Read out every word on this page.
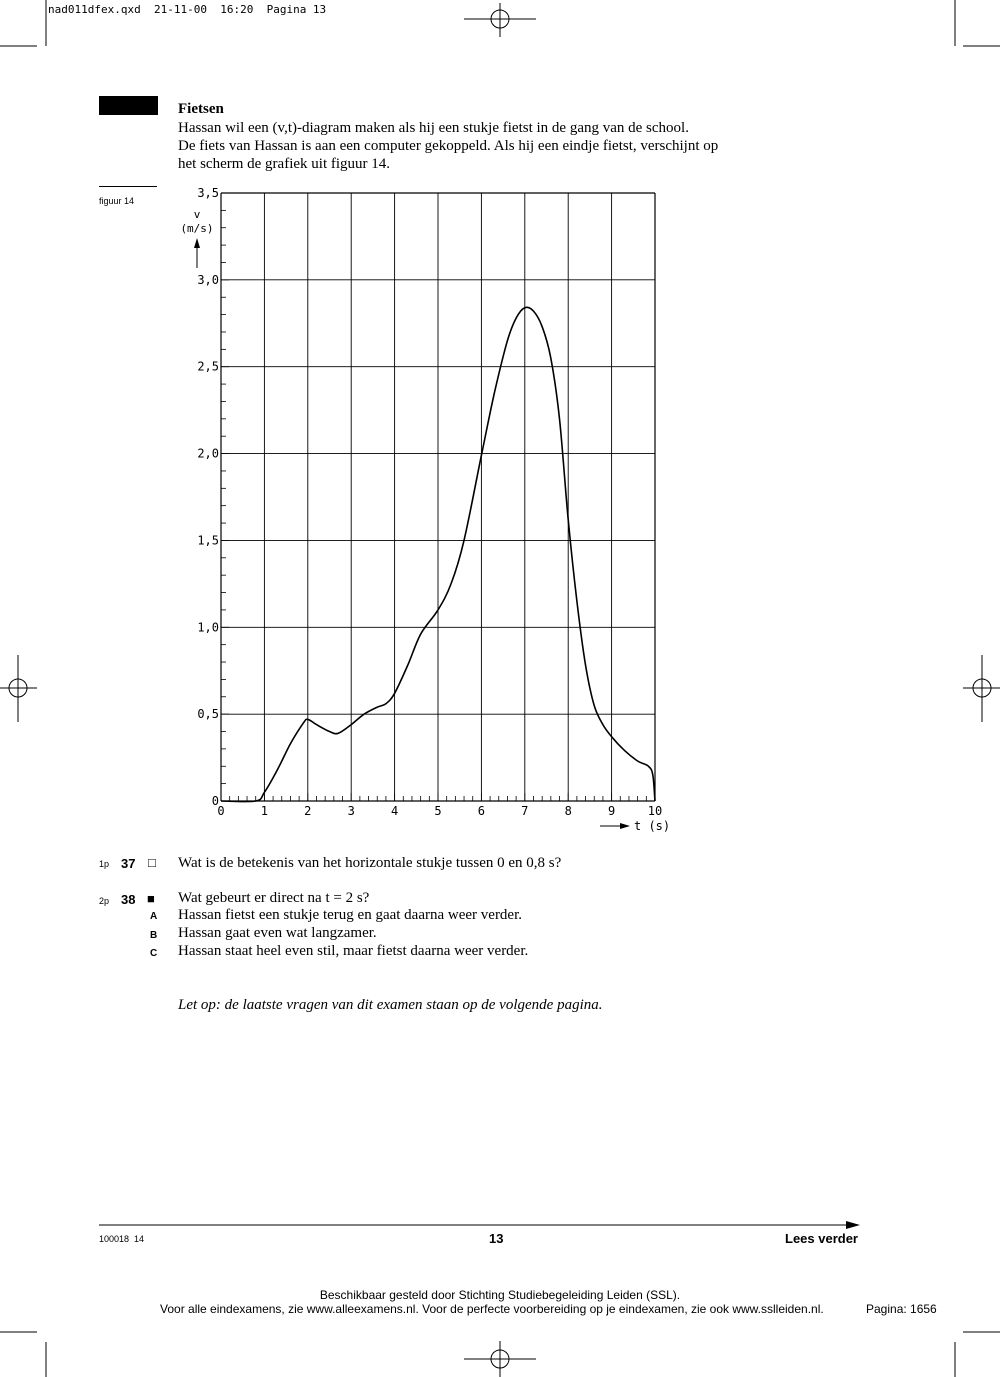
nad011dfex.qxd 21-11-00 16:20 Pagina 13
Fietsen
Hassan wil een (v,t)-diagram maken als hij een stukje fietst in de gang van de school.
De fiets van Hassan is aan een computer gekoppeld. Als hij een eindje fietst, verschijnt op
het scherm de grafiek uit figuur 14.
figuur 14
0	1	2	3	4	5	6	7	8	9	10
0
0,5
1,0
1,5
2,0
2,5
3,0
3,5
v
(m/s)
t (s)
1p 37 □ Wat is de betekenis van het horizontale stukje tussen 0 en 0,8 s?
2p 38 ■ Wat gebeurt er direct na t = 2 s?
A Hassan fietst een stukje terug en gaat daarna weer verder.
B Hassan gaat even wat langzamer.
C Hassan staat heel even stil, maar fietst daarna weer verder.
Let op: de laatste vragen van dit examen staan op de volgende pagina.
100018  14	13	Lees verder
Beschikbaar gesteld door Stichting Studiebegeleiding Leiden (SSL).
Voor alle eindexamens, zie www.alleexamens.nl. Voor de perfecte voorbereiding op je eindexamen, zie ook www.sslleiden.nl.	Pagina: 1656
